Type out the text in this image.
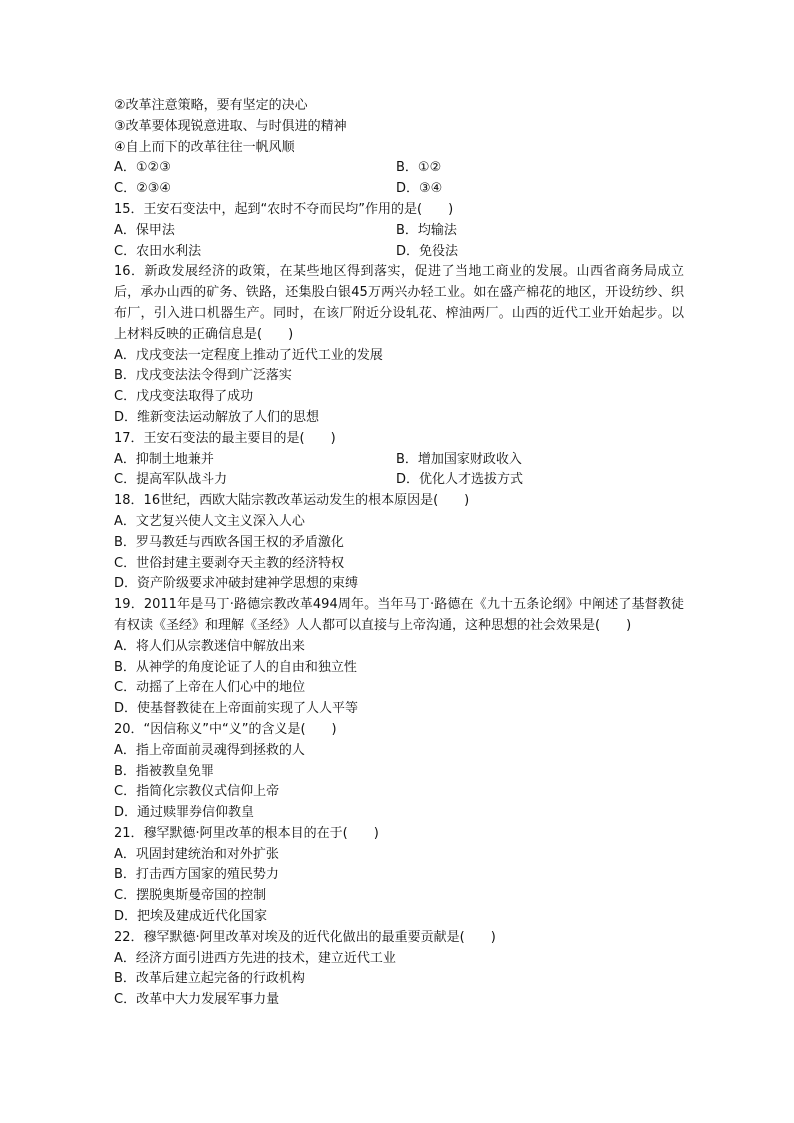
②改革注意策略，要有坚定的决心
③改革要体现锐意进取、与时俱进的精神
④自上而下的改革往往一帆风顺
A．①②③	B．①②
C．②③④	D．③④
15．王安石变法中，起到“农时不夺而民均”作用的是(　　)
A．保甲法	B．均输法
C．农田水利法	D．免役法
16．新政发展经济的政策，在某些地区得到落实，促进了当地工商业的发展。山西省商务局成立后，承办山西的矿务、铁路，还集股白银45万两兴办轻工业。如在盛产棉花的地区，开设纺纱、织布厂，引入进口机器生产。同时，在该厂附近分设轧花、榨油两厂。山西的近代工业开始起步。以上材料反映的正确信息是(　　)
A．戊戌变法一定程度上推动了近代工业的发展
B．戊戌变法法令得到广泛落实
C．戊戌变法取得了成功
D．维新变法运动解放了人们的思想
17．王安石变法的最主要目的是(　　)
A．抑制土地兼并	B．增加国家财政收入
C．提高军队战斗力	D．优化人才选拔方式
18．16世纪，西欧大陆宗教改革运动发生的根本原因是(　　)
A．文艺复兴使人文主义深入人心
B．罗马教廷与西欧各国王权的矛盾激化
C．世俗封建主要剥夺天主教的经济特权
D．资产阶级要求冲破封建神学思想的束缚
19．2011年是马丁·路德宗教改革494周年。当年马丁·路德在《九十五条论纲》中阐述了基督教徒有权读《圣经》和理解《圣经》人人都可以直接与上帝沟通，这种思想的社会效果是(　　)
A．将人们从宗教迷信中解放出来
B．从神学的角度论证了人的自由和独立性
C．动摇了上帝在人们心中的地位
D．使基督教徒在上帝面前实现了人人平等
20．“因信称义”中“义”的含义是(　　)
A．指上帝面前灵魂得到拯救的人
B．指被教皇免罪
C．指简化宗教仪式信仰上帝
D．通过赎罪券信仰教皇
21．穆罕默德·阿里改革的根本目的在于(　　)
A．巩固封建统治和对外扩张
B．打击西方国家的殖民势力
C．摆脱奥斯曼帝国的控制
D．把埃及建成近代化国家
22．穆罕默德·阿里改革对埃及的近代化做出的最重要贡献是(　　)
A．经济方面引进西方先进的技术，建立近代工业
B．改革后建立起完备的行政机构
C．改革中大力发展军事力量
